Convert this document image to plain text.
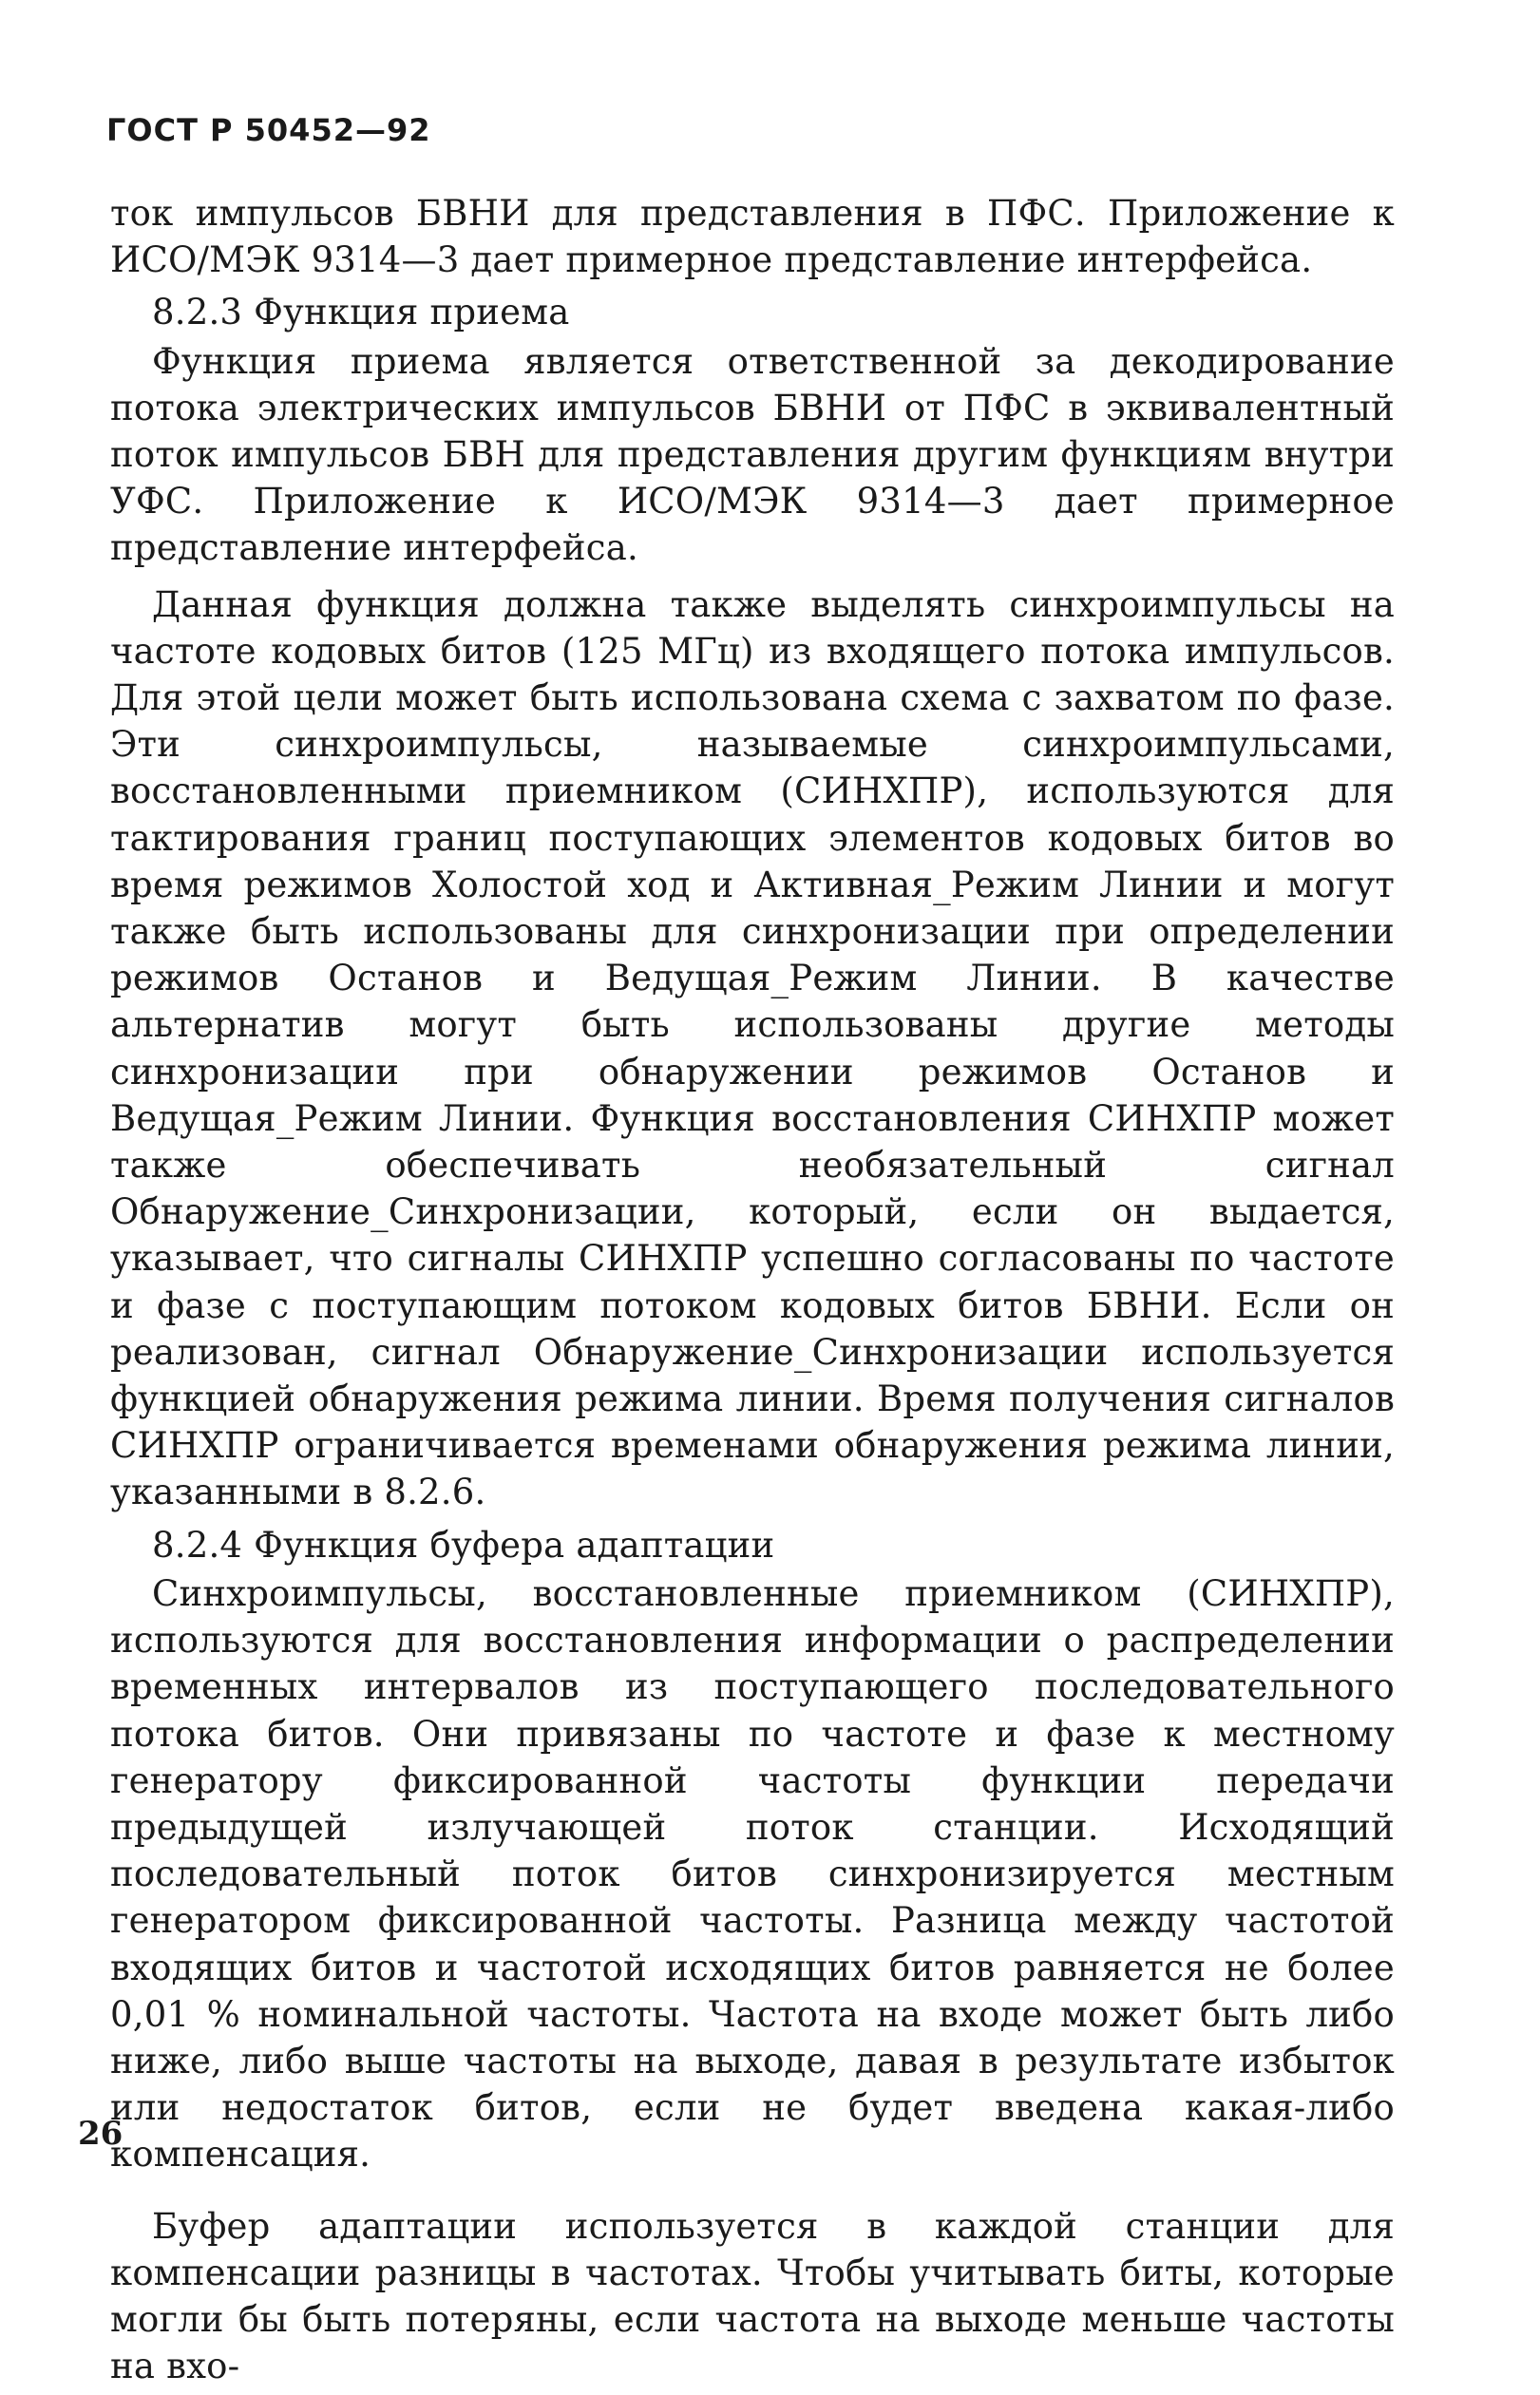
ГОСТ Р 50452—92

ток импульсов БВНИ для представления в ПФС. Приложение к ИСО/МЭК 9314—3 дает примерное представление интерфейса.

8.2.3 Функция приема

Функция приема является ответственной за декодирование потока электрических импульсов БВНИ от ПФС в эквивалентный поток импульсов БВН для представления другим функциям внутри УФС. Приложение к ИСО/МЭК 9314—3 дает примерное представление интерфейса.

Данная функция должна также выделять синхроимпульсы на частоте кодовых битов (125 МГц) из входящего потока импульсов. Для этой цели может быть использована схема с захватом по фазе. Эти синхроимпульсы, называемые синхроимпульсами, восстановленными приемником (СИНХПР), используются для тактирования границ поступающих элементов кодовых битов во время режимов Холостой ход и Активная_Режим Линии и могут также быть использованы для синхронизации при определении режимов Останов и Ведущая_Режим Линии. В качестве альтернатив могут быть использованы другие методы синхронизации при обнаружении режимов Останов и Ведущая_Режим Линии. Функция восстановления СИНХПР может также обеспечивать необязательный сигнал Обнаружение_Синхронизации, который, если он выдается, указывает, что сигналы СИНХПР успешно согласованы по частоте и фазе с поступающим потоком кодовых битов БВНИ. Если он реализован, сигнал Обнаружение_Синхронизации используется функцией обнаружения режима линии. Время получения сигналов СИНХПР ограничивается временами обнаружения режима линии, указанными в 8.2.6.

8.2.4 Функция буфера адаптации

Синхроимпульсы, восстановленные приемником (СИНХПР), используются для восстановления информации о распределении временных интервалов из поступающего последовательного потока битов. Они привязаны по частоте и фазе к местному генератору фиксированной частоты функции передачи предыдущей излучающей поток станции. Исходящий последовательный поток битов синхронизируется местным генератором фиксированной частоты. Разница между частотой входящих битов и частотой исходящих битов равняется не более 0,01 % номинальной частоты. Частота на входе может быть либо ниже, либо выше частоты на выходе, давая в результате избыток или недостаток битов, если не будет введена какая-либо компенсация.

Буфер адаптации используется в каждой станции для компенсации разницы в частотах. Чтобы учитывать биты, которые могли бы быть потеряны, если частота на выходе меньше частоты на вхо-

26
